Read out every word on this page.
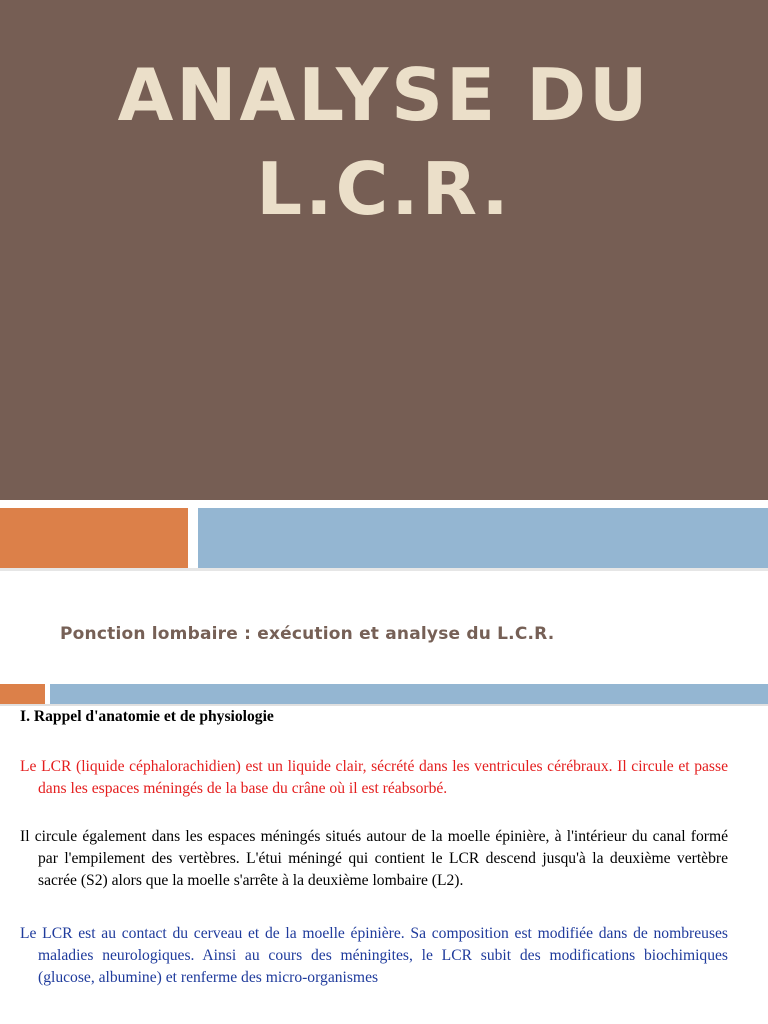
ANALYSE DU L.C.R.

Ponction lombaire : exécution et analyse du L.C.R.

I. Rappel d'anatomie et de physiologie

Le LCR (liquide céphalorachidien) est un liquide clair, sécrété dans les ventricules cérébraux. Il circule et passe dans les espaces méningés de la base du crâne où il est réabsorbé.

Il circule également dans les espaces méningés situés autour de la moelle épinière, à l'intérieur du canal formé par l'empilement des vertèbres. L'étui méningé qui contient le LCR descend jusqu'à la deuxième vertèbre sacrée (S2) alors que la moelle s'arrête à la deuxième lombaire (L2).

Le LCR est au contact du cerveau et de la moelle épinière. Sa composition est modifiée dans de nombreuses maladies neurologiques. Ainsi au cours des méningites, le LCR subit des modifications biochimiques (glucose, albumine) et renferme des micro-organismes
